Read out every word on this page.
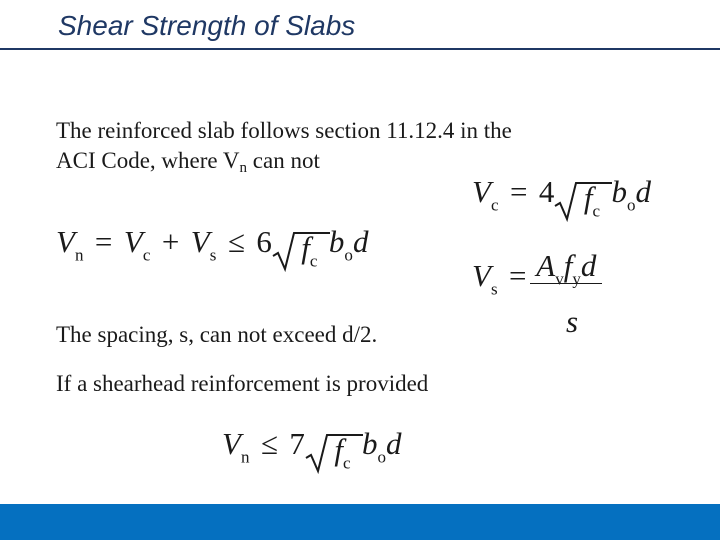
Shear Strength of Slabs
The reinforced slab follows section 11.12.4 in the
ACI Code, where $V_n$ can not
$V_c = 4$ $f_c$ $b_od$
$V_n = V_c + V_s \le 6$ $f_c$ $b_od$
$V_s = A_vf_yd$
s
The spacing, s, can not exceed d/2.
If a shearhead reinforcement is provided
$V_n \le 7$ $f_c$ $b_od$
